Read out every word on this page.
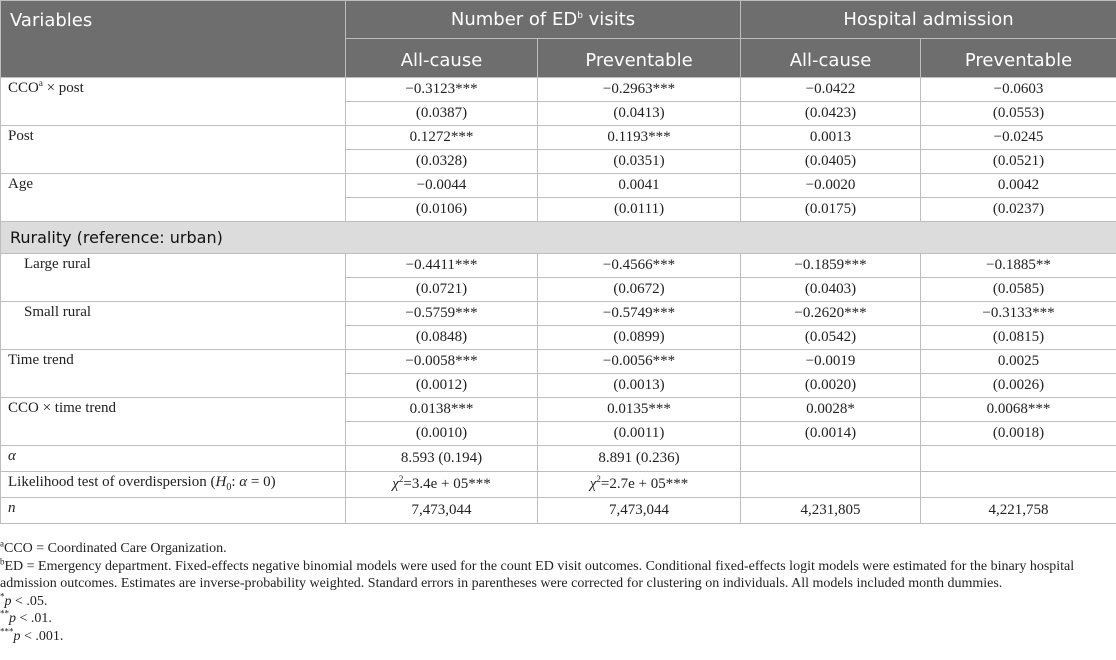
Variables	Number of $ED^b$ visits		Hospital admission	
	All-cause	Preventable	All-cause	Preventable
$CCO^a$ × post	−0.3123***	−0.2963***	−0.0422	−0.0603
	(0.0387)	(0.0413)	(0.0423)	(0.0553)
Post	0.1272***	0.1193***	0.0013	−0.0245
	(0.0328)	(0.0351)	(0.0405)	(0.0521)
Age	−0.0044	0.0041	−0.0020	0.0042
	(0.0106)	(0.0111)	(0.0175)	(0.0237)
Rurality (reference: urban)				
Large rural	−0.4411***	−0.4566***	−0.1859***	−0.1885**
	(0.0721)	(0.0672)	(0.0403)	(0.0585)
Small rural	−0.5759***	−0.5749***	−0.2620***	−0.3133***
	(0.0848)	(0.0899)	(0.0542)	(0.0815)
Time trend	−0.0058***	−0.0056***	−0.0019	0.0025
	(0.0012)	(0.0013)	(0.0020)	(0.0026)
CCO × time trend	0.0138***	0.0135***	0.0028*	0.0068***
	(0.0010)	(0.0011)	(0.0014)	(0.0018)
α	8.593 (0.194)	8.891 (0.236)		
Likelihood test of overdispersion ($H_0$: α = 0)	$\chi^2=3.4e + 05***$	$\chi^2=2.7e + 05***$		
n	7,473,044	7,473,044	4,231,805	4,221,758
$^a$CCO = Coordinated Care Organization.
$^b$ED = Emergency department. Fixed-effects negative binomial models were used for the count ED visit outcomes. Conditional fixed-effects logit models were estimated for the binary hospital admission outcomes. Estimates are inverse-probability weighted. Standard errors in parentheses were corrected for clustering on individuals. All models included month dummies.
*p < .05.
**p < .01.
***p < .001.
